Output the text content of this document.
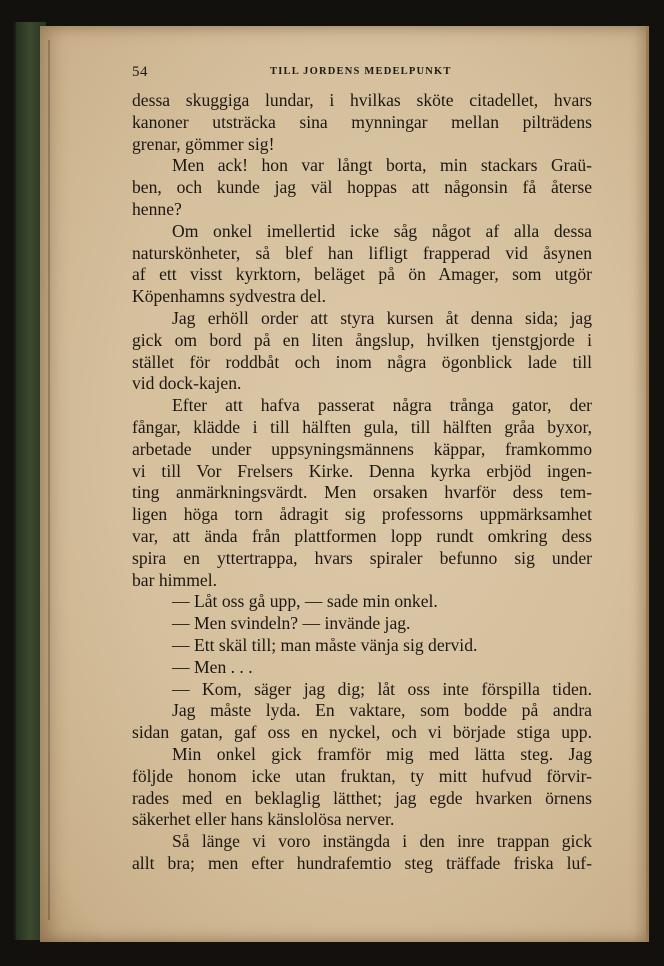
54	TILL JORDENS MEDELPUNKT
dessa skuggiga lundar, i hvilkas sköte citadellet, hvars
kanoner utsträcka sina mynningar mellan pilträdens
grenar, gömmer sig!
Men ack! hon var långt borta, min stackars Graü-
ben, och kunde jag väl hoppas att någonsin få återse
henne?
Om onkel imellertid icke såg något af alla dessa
naturskönheter, så blef han lifligt frapperad vid åsynen
af ett visst kyrktorn, beläget på ön Amager, som utgör
Köpenhamns sydvestra del.
Jag erhöll order att styra kursen åt denna sida; jag
gick om bord på en liten ångslup, hvilken tjenstgjorde i
stället för roddbåt och inom några ögonblick lade till
vid dock-kajen.
Efter att hafva passerat några trånga gator, der
fångar, klädde i till hälften gula, till hälften gråa byxor,
arbetade under uppsyningsmännens käppar, framkommo
vi till Vor Frelsers Kirke. Denna kyrka erbjöd ingen-
ting anmärkningsvärdt. Men orsaken hvarför dess tem-
ligen höga torn ådragit sig professorns uppmärksamhet
var, att ända från plattformen lopp rundt omkring dess
spira en yttertrappa, hvars spiraler befunno sig under
bar himmel.
— Låt oss gå upp, — sade min onkel.
— Men svindeln? — invände jag.
— Ett skäl till; man måste vänja sig dervid.
— Men . . .
— Kom, säger jag dig; låt oss inte förspilla tiden.
Jag måste lyda. En vaktare, som bodde på andra
sidan gatan, gaf oss en nyckel, och vi började stiga upp.
Min onkel gick framför mig med lätta steg. Jag
följde honom icke utan fruktan, ty mitt hufvud förvir-
rades med en beklaglig lätthet; jag egde hvarken örnens
säkerhet eller hans känslolösa nerver.
Så länge vi voro instängda i den inre trappan gick
allt bra; men efter hundrafemtio steg träffade friska luf-
